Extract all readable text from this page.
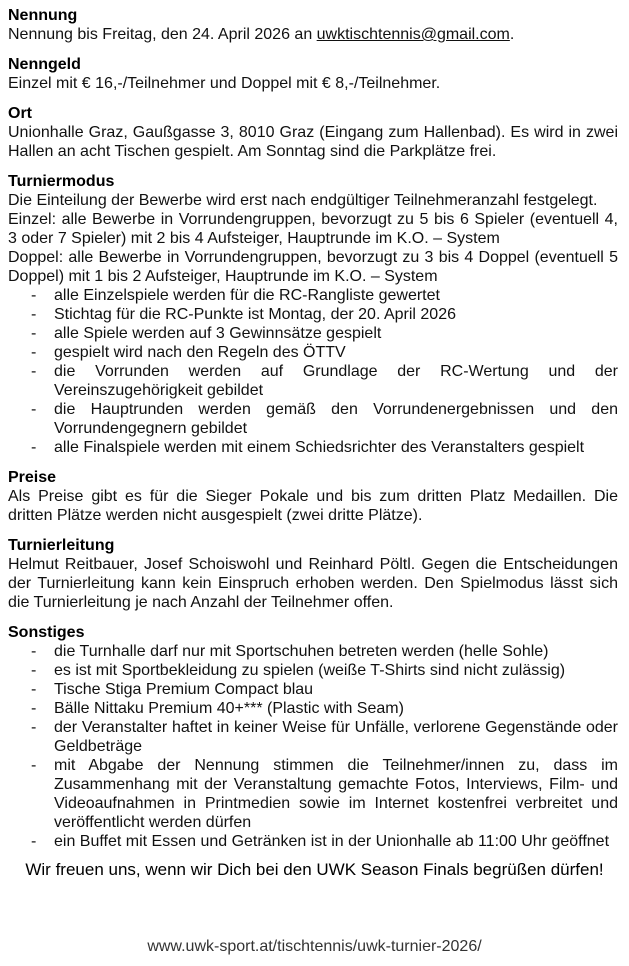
Nennung

Nennung bis Freitag, den 24. April 2026 an uwktischtennis@gmail.com.

Nenngeld

Einzel mit € 16,-/Teilnehmer und Doppel mit € 8,-/Teilnehmer.

Ort

Unionhalle Graz, Gaußgasse 3, 8010 Graz (Eingang zum Hallenbad). Es wird in zwei Hallen an acht Tischen gespielt. Am Sonntag sind die Parkplätze frei.

Turniermodus

Die Einteilung der Bewerbe wird erst nach endgültiger Teilnehmeranzahl festgelegt.

Einzel: alle Bewerbe in Vorrundengruppen, bevorzugt zu 5 bis 6 Spieler (eventuell 4, 3 oder 7 Spieler) mit 2 bis 4 Aufsteiger, Hauptrunde im K.O. – System

Doppel: alle Bewerbe in Vorrundengruppen, bevorzugt zu 3 bis 4 Doppel (eventuell 5 Doppel) mit 1 bis 2 Aufsteiger, Hauptrunde im K.O. – System

- alle Einzelspiele werden für die RC-Rangliste gewertet
- Stichtag für die RC-Punkte ist Montag, der 20. April 2026
- alle Spiele werden auf 3 Gewinnsätze gespielt
- gespielt wird nach den Regeln des ÖTTV
- die Vorrunden werden auf Grundlage der RC-Wertung und der Vereinszugehörigkeit gebildet
- die Hauptrunden werden gemäß den Vorrundenergebnissen und den Vorrundengegnern gebildet
- alle Finalspiele werden mit einem Schiedsrichter des Veranstalters gespielt
Preise

Als Preise gibt es für die Sieger Pokale und bis zum dritten Platz Medaillen. Die dritten Plätze werden nicht ausgespielt (zwei dritte Plätze).

Turnierleitung

Helmut Reitbauer, Josef Schoiswohl und Reinhard Pöltl. Gegen die Entscheidungen der Turnierleitung kann kein Einspruch erhoben werden. Den Spielmodus lässt sich die Turnierleitung je nach Anzahl der Teilnehmer offen.

Sonstiges
- die Turnhalle darf nur mit Sportschuhen betreten werden (helle Sohle)
- es ist mit Sportbekleidung zu spielen (weiße T-Shirts sind nicht zulässig)
- Tische Stiga Premium Compact blau
- Bälle Nittaku Premium 40+*** (Plastic with Seam)
- der Veranstalter haftet in keiner Weise für Unfälle, verlorene Gegenstände oder Geldbeträge
- mit Abgabe der Nennung stimmen die Teilnehmer/innen zu, dass im Zusammenhang mit der Veranstaltung gemachte Fotos, Interviews, Film- und Videoaufnahmen in Printmedien sowie im Internet kostenfrei verbreitet und veröffentlicht werden dürfen
- ein Buffet mit Essen und Getränken ist in der Unionhalle ab 11:00 Uhr geöffnet
Wir freuen uns, wenn wir Dich bei den UWK Season Finals begrüßen dürfen!
www.uwk-sport.at/tischtennis/uwk-turnier-2026/
